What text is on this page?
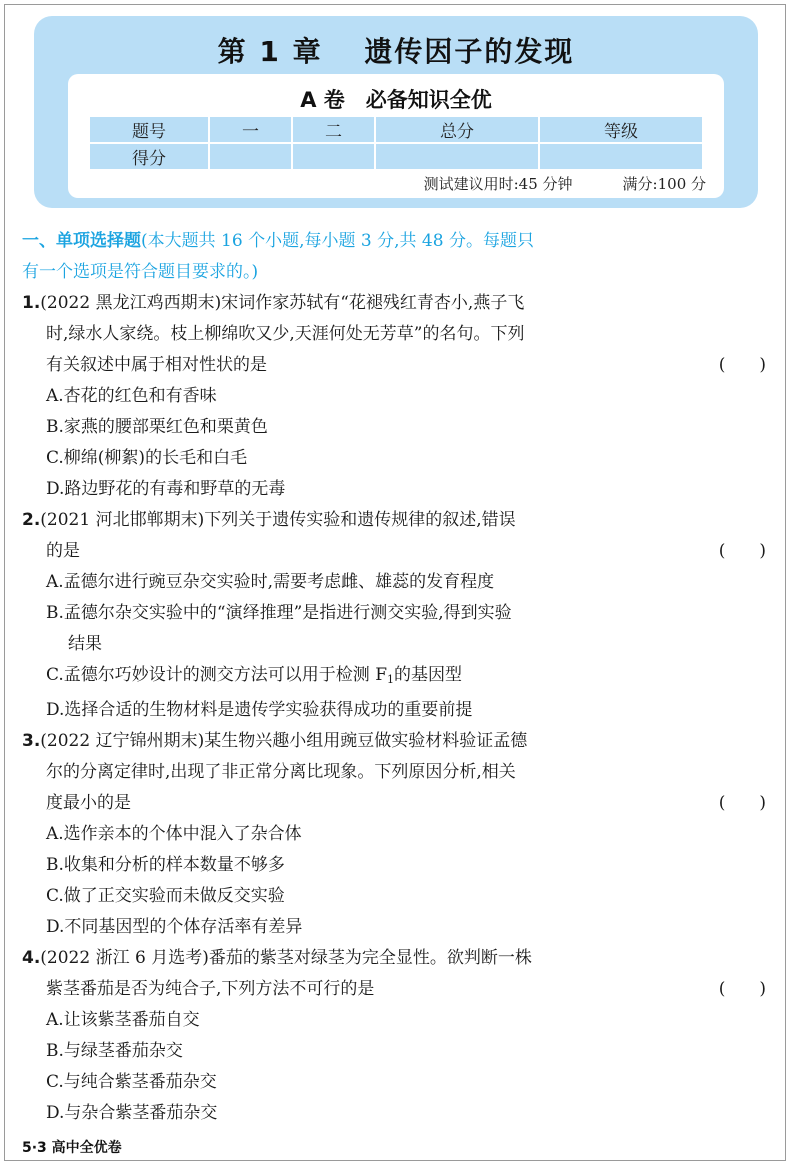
第 1 章　 遗传因子的发现
A 卷　必备知识全优
题号	一	二	总分	等级
得分				
测试建议用时:45 分钟	满分:100 分
一、单项选择题(本大题共 16 个小题,每小题 3 分,共 48 分。每题只
有一个选项是符合题目要求的。)
1.(2022 黑龙江鸡西期末)宋词作家苏轼有“花褪残红青杏小,燕子飞
时,绿水人家绕。枝上柳绵吹又少,天涯何处无芳草”的名句。下列
有关叙述中属于相对性状的是	(　　)
A.杏花的红色和有香味
B.家燕的腰部栗红色和栗黄色
C.柳绵(柳絮)的长毛和白毛
D.路边野花的有毒和野草的无毒
2.(2021 河北邯郸期末)下列关于遗传实验和遗传规律的叙述,错误
的是	(　　)
A.孟德尔进行豌豆杂交实验时,需要考虑雌、雄蕊的发育程度
B.孟德尔杂交实验中的“演绎推理”是指进行测交实验,得到实验
结果
C.孟德尔巧妙设计的测交方法可以用于检测 $F_1$的基因型
D.选择合适的生物材料是遗传学实验获得成功的重要前提
3.(2022 辽宁锦州期末)某生物兴趣小组用豌豆做实验材料验证孟德
尔的分离定律时,出现了非正常分离比现象。下列原因分析,相关
度最小的是	(　　)
A.选作亲本的个体中混入了杂合体
B.收集和分析的样本数量不够多
C.做了正交实验而未做反交实验
D.不同基因型的个体存活率有差异
4.(2022 浙江 6 月选考)番茄的紫茎对绿茎为完全显性。欲判断一株
紫茎番茄是否为纯合子,下列方法不可行的是	(　　)
A.让该紫茎番茄自交
B.与绿茎番茄杂交
C.与纯合紫茎番茄杂交
D.与杂合紫茎番茄杂交
5·3 高中全优卷
